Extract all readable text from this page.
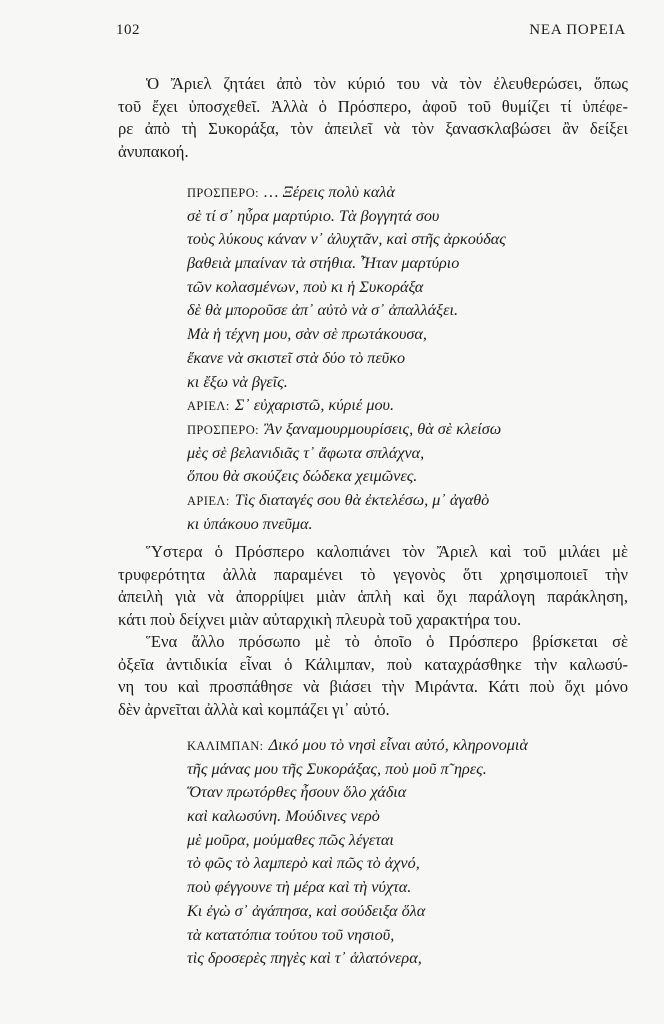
102	ΝΕΑ ΠΟΡΕΙΑ

Ὁ Ἄριελ ζητάει ἀπὸ τὸν κύριό του νὰ τὸν ἐλευθερώσει, ὅπως
τοῦ ἔχει ὑποσχεθεῖ. Ἀλλὰ ὁ Πρόσπερο, ἀφοῦ τοῦ θυμίζει τί ὑπέφε-
ρε ἀπὸ τὴ Συκοράξα, τὸν ἀπειλεῖ νὰ τὸν ξανασκλαβώσει ἂν δείξει
ἀνυπακοή.

ΠΡΟΣΠΕΡΟ: … Ξέρεις πολὺ καλὰ
σὲ τί σ᾿ ηὗρα μαρτύριο. Τὰ βογγητά σου
τοὺς λύκους κάναν ν᾿ ἀλυχτᾶν, καὶ στῆς ἀρκούδας
βαθειὰ μπαίναν τὰ στήθια. Ἦταν μαρτύριο
τῶν κολασμένων, ποὺ κι ἡ Συκοράξα
δὲ θὰ μποροῦσε ἀπ᾿ αὐτὸ νὰ σ᾿ ἀπαλλάξει.
Μὰ ἡ τέχνη μου, σὰν σὲ πρωτάκουσα,
ἔκανε νὰ σκιστεῖ στὰ δύο τὸ πεῦκο
κι ἔξω νὰ βγεῖς.
ΑΡΙΕΛ: Σ᾿ εὐχαριστῶ, κύριέ μου.
ΠΡΟΣΠΕΡΟ: Ἂν ξαναμουρμουρίσεις, θὰ σὲ κλείσω
μὲς σὲ βελανιδιᾶς τ᾿ ἄφωτα σπλάχνα,
ὅπου θὰ σκούζεις δώδεκα χειμῶνες.
ΑΡΙΕΛ: Τὶς διαταγές σου θὰ ἐκτελέσω, μ᾿ ἀγαθὸ
κι ὑπάκουο πνεῦμα.

Ὕστερα ὁ Πρόσπερο καλοπιάνει τὸν Ἄριελ καὶ τοῦ μιλάει μὲ
τρυφερότητα ἀλλὰ παραμένει τὸ γεγονὸς ὅτι χρησιμοποιεῖ τὴν
ἀπειλὴ γιὰ νὰ ἀπορρίψει μιὰν ἁπλὴ καὶ ὄχι παράλογη παράκληση,
κάτι ποὺ δείχνει μιὰν αὐταρχικὴ πλευρὰ τοῦ χαρακτήρα του.

Ἕνα ἄλλο πρόσωπο μὲ τὸ ὁποῖο ὁ Πρόσπερο βρίσκεται σὲ
ὀξεῖα ἀντιδικία εἶναι ὁ Κάλιμπαν, ποὺ καταχράσθηκε τὴν καλωσύ-
νη του καὶ προσπάθησε νὰ βιάσει τὴν Μιράντα. Κάτι ποὺ ὄχι μόνο
δὲν ἀρνεῖται ἀλλὰ καὶ κομπάζει γι᾿ αὐτό.

ΚΑΛΙΜΠΑΝ: Δικό μου τὸ νησὶ εἶναι αὐτό, κληρονομιὰ
τῆς μάνας μου τῆς Συκοράξας, ποὺ μοῦ π῀ηρες.
Ὅταν πρωτόρθες ἦσουν ὅλο χάδια
καὶ καλωσύνη. Μούδινες νερὸ
μὲ μοῦρα, μούμαθες πῶς λέγεται
τὸ φῶς τὸ λαμπερὸ καὶ πῶς τὸ ἀχνό,
ποὺ φέγγουνε τὴ μέρα καὶ τὴ νύχτα.
Κι ἐγὼ σ᾿ ἀγάπησα, καὶ σούδειξα ὅλα
τὰ κατατόπια τούτου τοῦ νησιοῦ,
τὶς δροσερὲς πηγὲς καὶ τ᾿ ἁλατόνερα,
